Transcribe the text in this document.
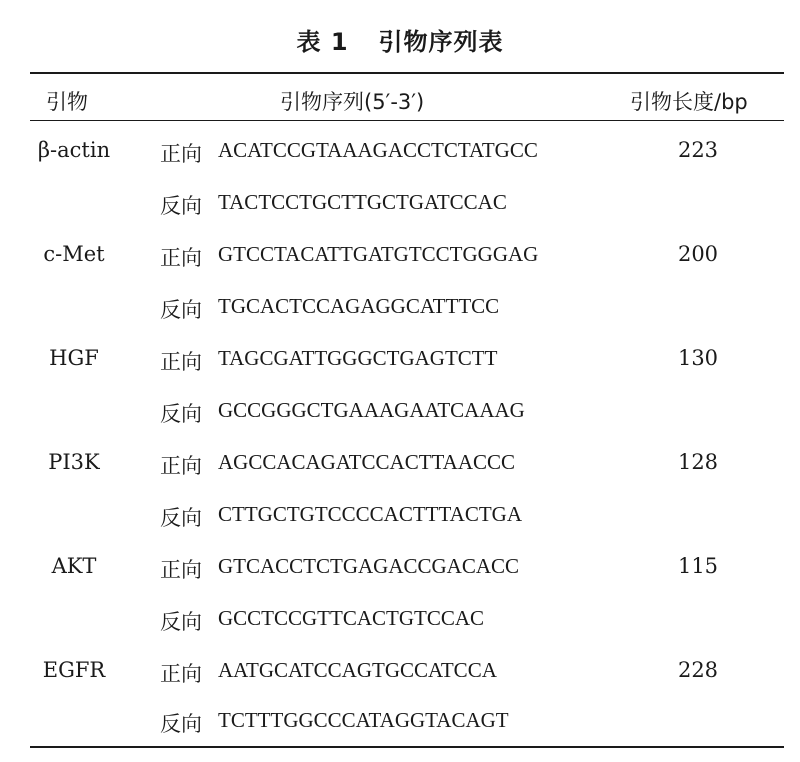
表 1 引物序列表
引物	引物序列(5′-3′)	引物长度/bp
β-actin	正向 ACATCCGTAAAGACCTCTATGCC	223
反向 TACTCCTGCTTGCTGATCCAC
c-Met	正向 GTCCTACATTGATGTCCTGGGAG	200
反向 TGCACTCCAGAGGCATTTCC
HGF	正向 TAGCGATTGGGCTGAGTCTT	130
反向 GCCGGGCTGAAAGAATCAAAG
PI3K	正向 AGCCACAGATCCACTTAACCC	128
反向 CTTGCTGTCCCCACTTTACTGA
AKT	正向 GTCACCTCTGAGACCGACACC	115
反向 GCCTCCGTTCACTGTCCAC
EGFR	正向 AATGCATCCAGTGCCATCCA	228
反向 TCTTTGGCCCATAGGTACAGT
